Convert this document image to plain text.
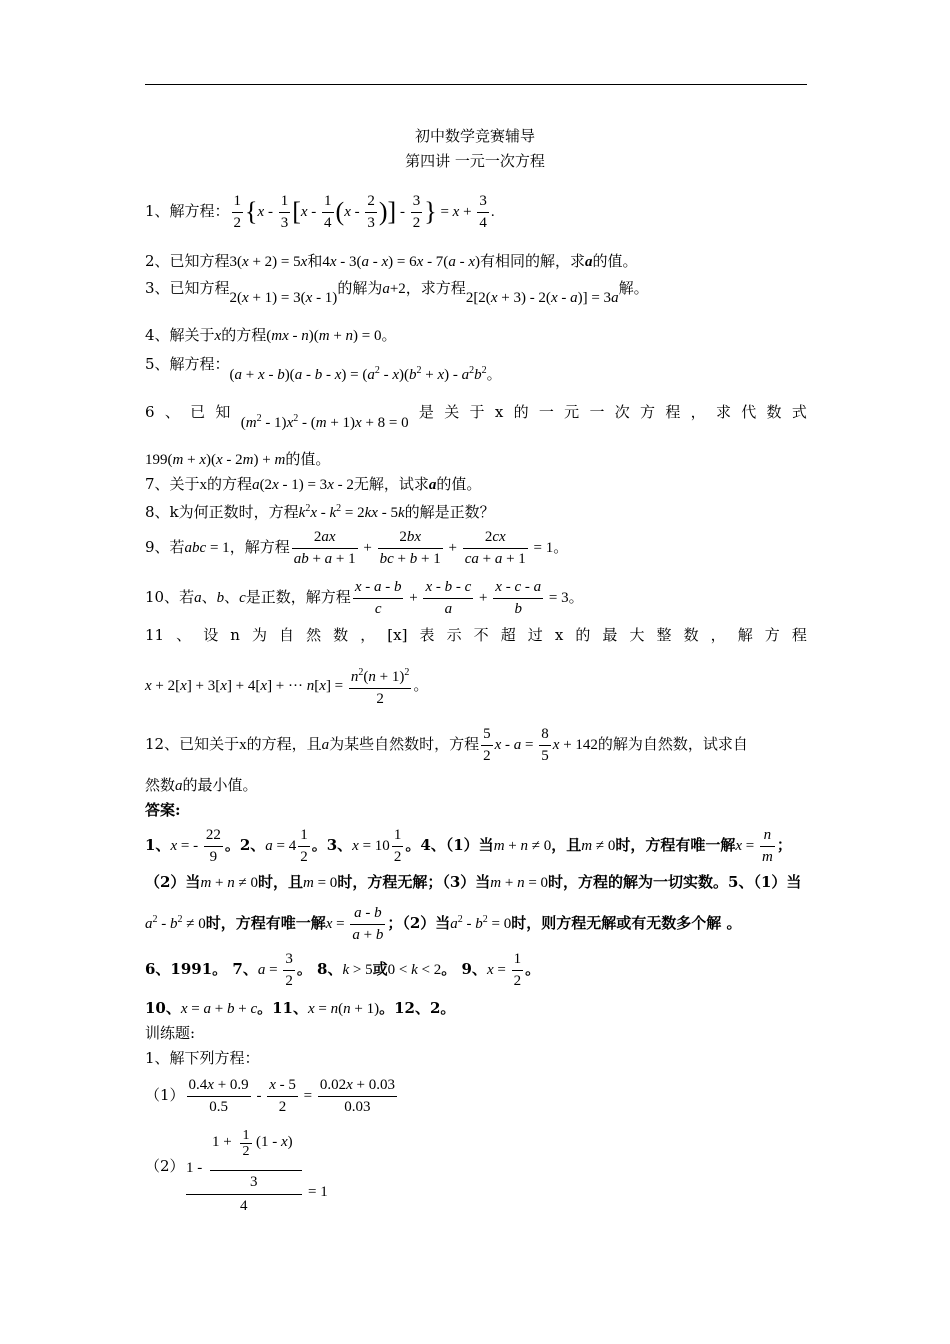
初中数学竞赛辅导
第四讲 一元一次方程
1、解方程： $\frac{1}{2} \{x - \frac{1}{3} [x - \frac{1}{4} (x - \frac{2}{3}$ )] - $\frac{3}{2}$ } = $x + \frac{3}{4}$ .
2、已知方程3(x + 2) = 5x和4x - 3(a - x) = 6x - 7(a - x)有相同的解，求a的值。
3、已知方程2(x + 1) = 3(x - 1)的解为a+2，求方程2[2(x + 3) - 2(x - a)] = 3a解。
4、解关于x的方程(mx - n)(m + n) = 0。
5、解方程：$(a + x - b)(a - b - x) = (a^2 - x)(b^2 + x) - a^2b^2$。
6 、 已 知
$(m^2 - 1)x^2 - (m + 1)x + 8 = 0$
是 关 于 x 的 一 元 一 次 方 程 ， 求 代 数 式
199(m + x)(x - 2m) + m的值。
7、关于x的方程a(2x - 1) = 3x - 2无解，试求a的值。
8、k为何正数时，方程$k^2x - k^2 = 2kx - 5k$的解是正数？
9、若abc = 1，解方程 $\frac{2ax}{ab + a + 1} + \frac{2bx}{bc + b + 1} + \frac{2cx}{ca + a + 1} = 1$。
10、若a、b、c是正数，解方程 $\frac{x - a - b}{c} + \frac{x - b - c}{a} + \frac{x - c - a}{b} = 3$。
11 、 设 n 为 自 然 数 ， [x] 表 示 不 超 过 x 的 最 大 整 数 ， 解 方 程
x + 2[x] + 3[x] + 4[x] + ··· $n[x] = \frac{n^2(n + 1)^2}{2}$ 。
12、已知关于x的方程，且a为某些自然数时，方程 $\frac{5}{2}$ $x - a = \frac{8}{5}$ x + 142的解为自然数，试求自
然数a的最小值。
答案:
1、x = - $\frac{22}{9}$ 。2、$a = 4 \frac{1}{2}$ 。3、$x = 10 \frac{1}{2}$ 。4、（1）当m + n ≠ 0，且m ≠ 0时，方程有唯一解$x = \frac{n}{m}$ ；
（2）当m + n ≠ 0时，且m = 0时，方程无解；（3）当m + n = 0时，方程的解为一切实数。5、（1）当
$a^2 - b^2 \ne 0$时，方程有唯一解$x = \frac{a - b}{a + b}$ ；（2）当$a^2 - b^2 = 0$时，则方程无解或有无数多个解 。
6、1991。 7、$a = \frac{3}{2}$ 。 8、k > 5或0 < k < 2。 9、$x = \frac{1}{2}$ 。
10、x = a + b + c。11、x = n(n + 1)。12、2。
训练题:
1、解下列方程：
$(1) \frac{0.4x + 0.9}{0.5} - \frac{x - 5}{2} = \frac{0.02x + 0.03}{0.03}$
（2）
1 + 1
2
(1 - x)
1 -
3
4
= 1
